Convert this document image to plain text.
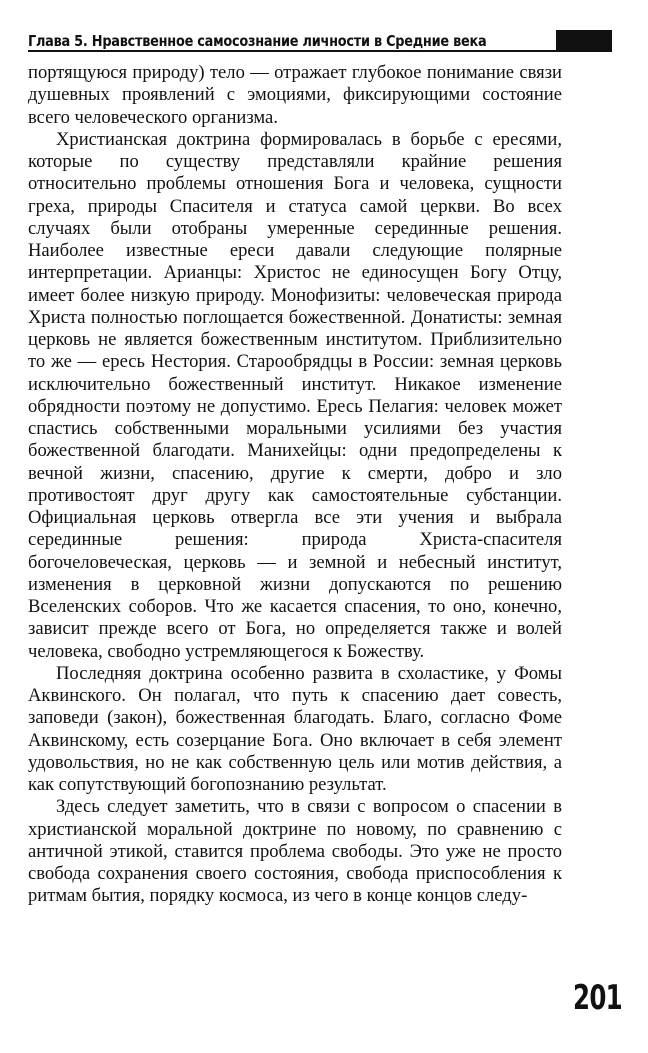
Глава 5. Нравственное самосознание личности в Средние века

портящуюся природу) тело — отражает глубокое понимание связи душевных проявлений с эмоциями, фиксирующими состояние всего человеческого организма.

Христианская доктрина формировалась в борьбе с ересями, которые по существу представляли крайние решения относительно проблемы отношения Бога и человека, сущности греха, природы Спасителя и статуса самой церкви. Во всех случаях были отобраны умеренные серединные решения. Наиболее известные ереси давали следующие полярные интерпретации. Арианцы: Христос не единосущен Богу Отцу, имеет более низкую природу. Монофизиты: человеческая природа Христа полностью поглощается божественной. Донатисты: земная церковь не является божественным институтом. Приблизительно то же — ересь Нестория. Старообрядцы в России: земная церковь исключительно божественный институт. Никакое изменение обрядности поэтому не допустимо. Ересь Пелагия: человек может спастись собственными моральными усилиями без участия божественной благодати. Манихейцы: одни предопределены к вечной жизни, спасению, другие к смерти, добро и зло противостоят друг другу как самостоятельные субстанции. Официальная церковь отвергла все эти учения и выбрала серединные решения: природа Христа-спасителя богочеловеческая, церковь — и земной и небесный институт, изменения в церковной жизни допускаются по решению Вселенских соборов. Что же касается спасения, то оно, конечно, зависит прежде всего от Бога, но определяется также и волей человека, свободно устремляющегося к Божеству.

Последняя доктрина особенно развита в схоластике, у Фомы Аквинского. Он полагал, что путь к спасению дает совесть, заповеди (закон), божественная благодать. Благо, согласно Фоме Аквинскому, есть созерцание Бога. Оно включает в себя элемент удовольствия, но не как собственную цель или мотив действия, а как сопутствующий богопознанию результат.

Здесь следует заметить, что в связи с вопросом о спасении в христианской моральной доктрине по новому, по сравнению с античной этикой, ставится проблема свободы. Это уже не просто свобода сохранения своего состояния, свобода приспособления к ритмам бытия, порядку космоса, из чего в конце концов следу-

201
